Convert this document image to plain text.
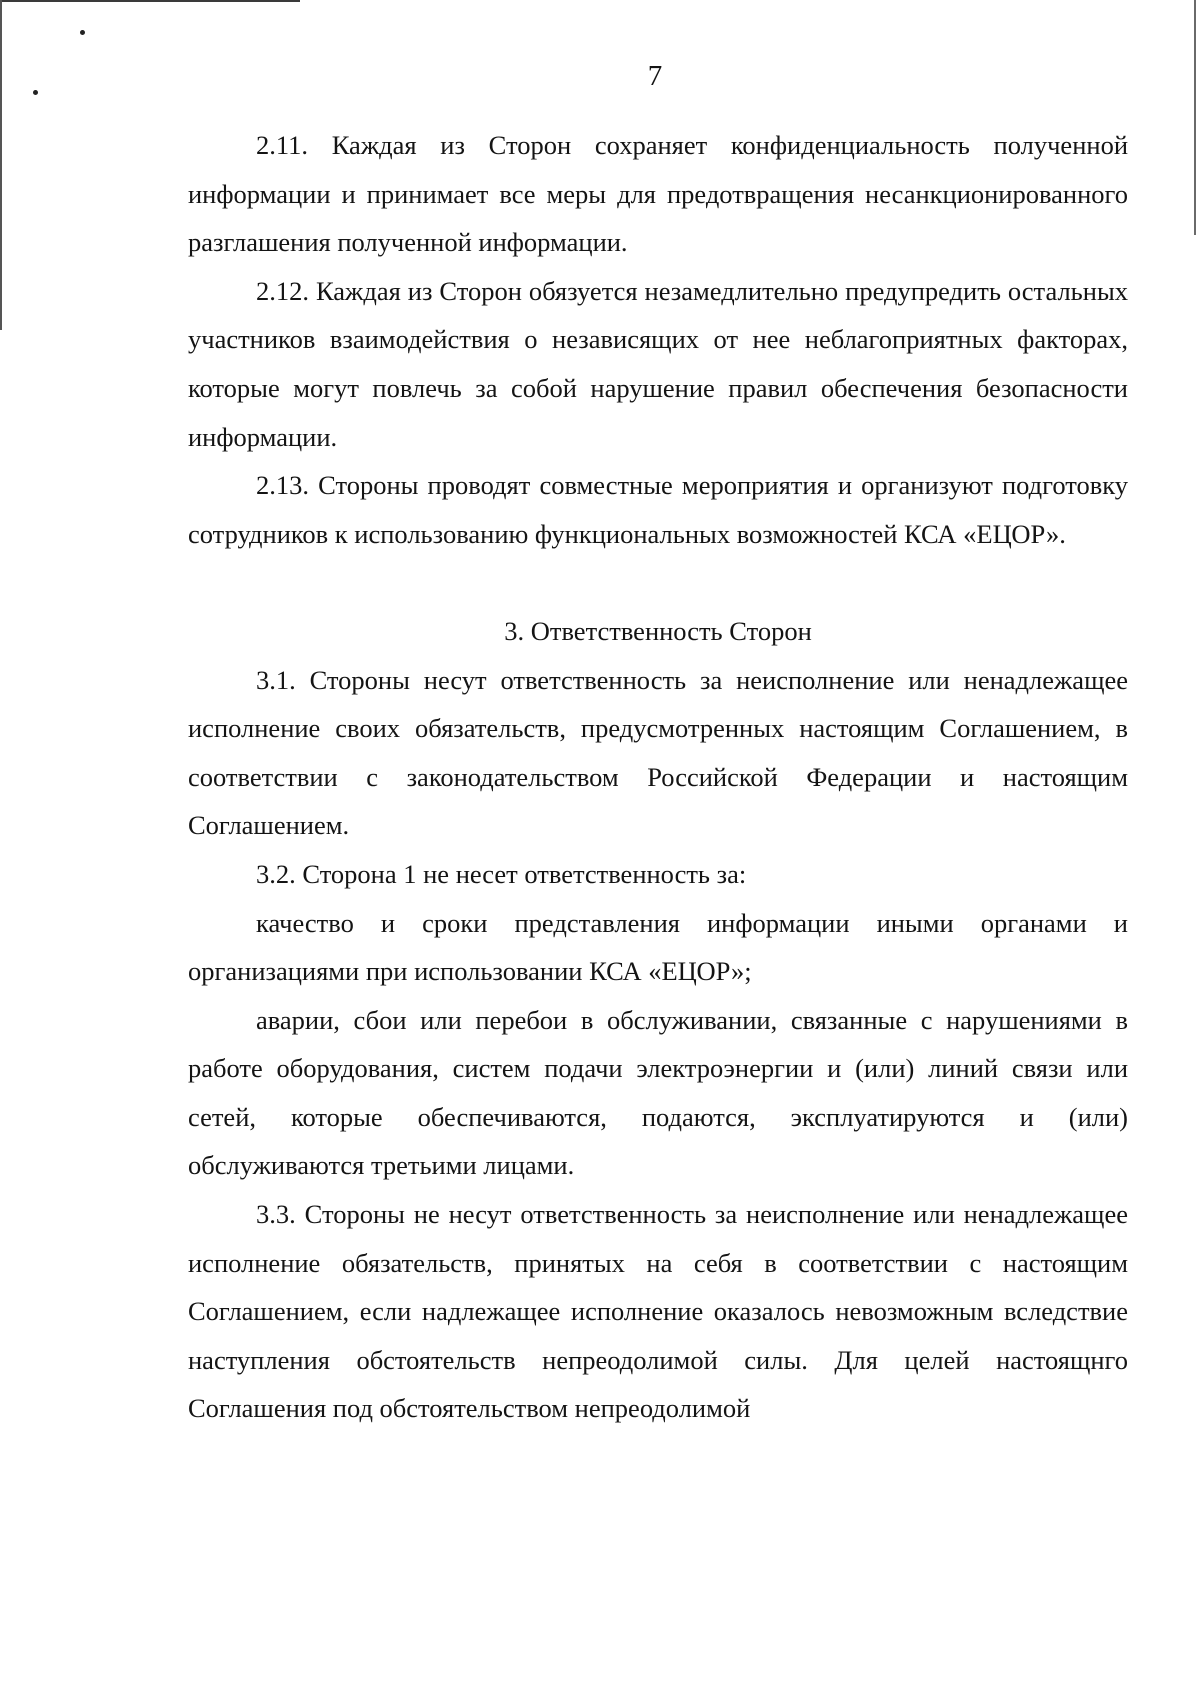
7

2.11. Каждая из Сторон сохраняет конфиденциальность полученной информации и принимает все меры для предотвращения несанкционированного разглашения полученной информации.

2.12. Каждая из Сторон обязуется незамедлительно предупредить остальных участников взаимодействия о независящих от нее неблагоприятных факторах, которые могут повлечь за собой нарушение правил обеспечения безопасности информации.

2.13. Стороны проводят совместные мероприятия и организуют подготовку сотрудников к использованию функциональных возможностей КСА «ЕЦОР».

3. Ответственность Сторон

3.1. Стороны несут ответственность за неисполнение или ненадлежащее исполнение своих обязательств, предусмотренных настоящим Соглашением, в соответствии с законодательством Российской Федерации и настоящим Соглашением.

3.2. Сторона 1 не несет ответственность за:

качество и сроки представления информации иными органами и организациями при использовании КСА «ЕЦОР»;

аварии, сбои или перебои в обслуживании, связанные с нарушениями в работе оборудования, систем подачи электроэнергии и (или) линий связи или сетей, которые обеспечиваются, подаются, эксплуатируются и (или) обслуживаются третьими лицами.

3.3. Стороны не несут ответственность за неисполнение или ненадлежащее исполнение обязательств, принятых на себя в соответствии с настоящим Соглашением, если надлежащее исполнение оказалось невозможным вследствие наступления обстоятельств непреодолимой силы. Для целей настоящнго Соглашения под обстоятельством непреодолимой
